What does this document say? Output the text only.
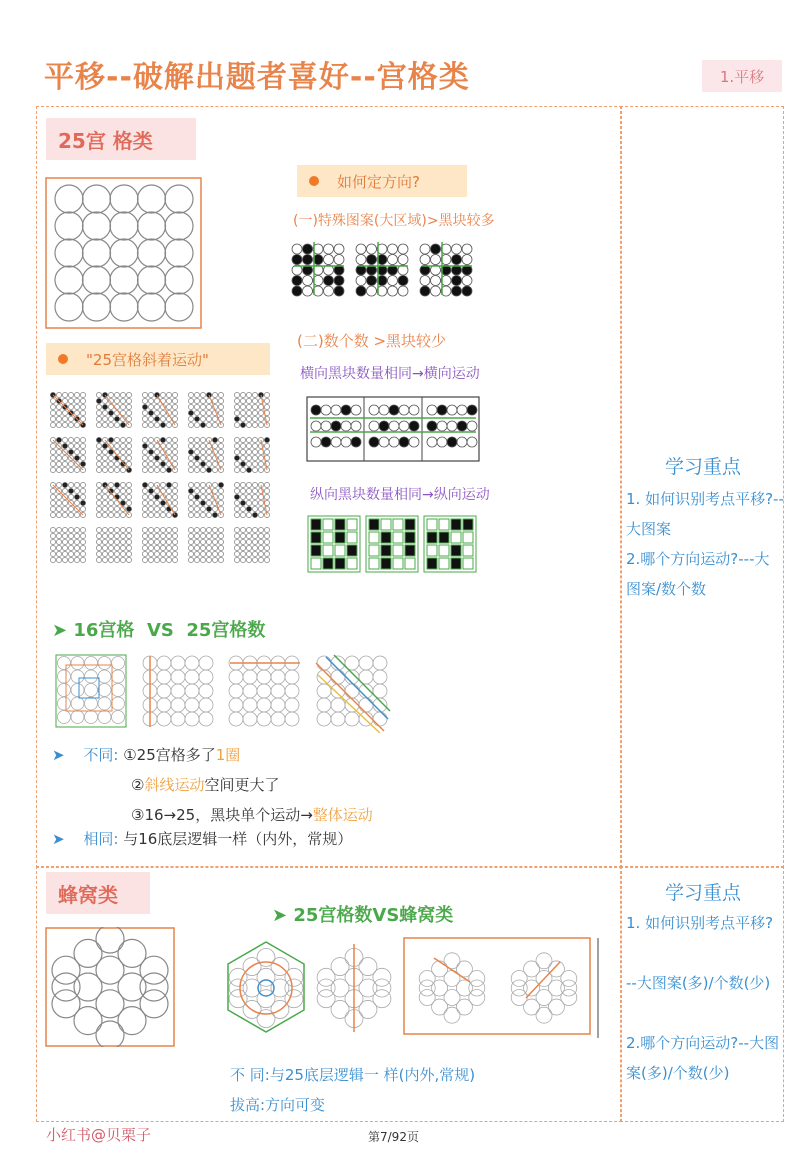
平移--破解出题者喜好--宫格类	1.平移
25宫 格类
如何定方向?
(一)特殊图案(大区域)>黑块较多
(二)数个数 >黑块较少
横向黑块数量相同→横向运动
纵向黑块数量相同→纵向运动
"25宫格斜着运动"
➤ 16宫格  VS  25宫格数
➤ 不同: ①25宫格多了1圈
②斜线运动空间更大了
③16→25，黑块单个运动→整体运动
➤ 相同: 与16底层逻辑一样（内外，常规）
学习重点
1. 如何识别考点平移?--大图案
2.哪个方向运动?---大图案/数个数
蜂窝类
➤ 25宫格数VS蜂窝类
不 同:与25底层逻辑一 样(内外,常规)
拔高:方向可变
学习重点
1. 如何识别考点平移?
--大图案(多)/个数(少)
2.哪个方向运动?--大图案(多)/个数(少)
小红书@贝栗子	第7/92页
